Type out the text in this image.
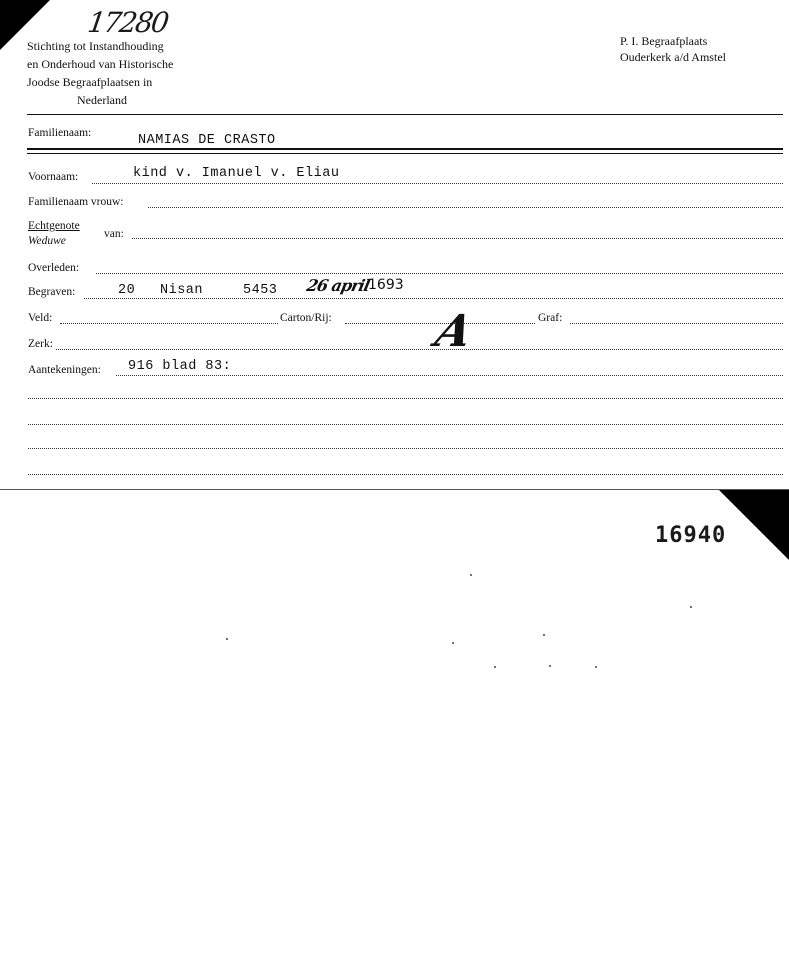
17280
Stichting tot Instandhouding
en Onderhoud van Historische
Joodse Begraafplaatsen in
Nederland
P. I. Begraafplaats
Ouderkerk a/d Amstel
Familienaam:	NAMIAS DE CRASTO
Voornaam:	kind v. Imanuel v. Eliau
Familienaam vrouw:
Echtgenote
Weduwe
van:
Overleden:
Begraven:	20 Nisan	5453 26 april
1693
Veld:	Carton/Rij:	Graf:
Zerk:	A
Aantekeningen: 916 blad 83:
16940
